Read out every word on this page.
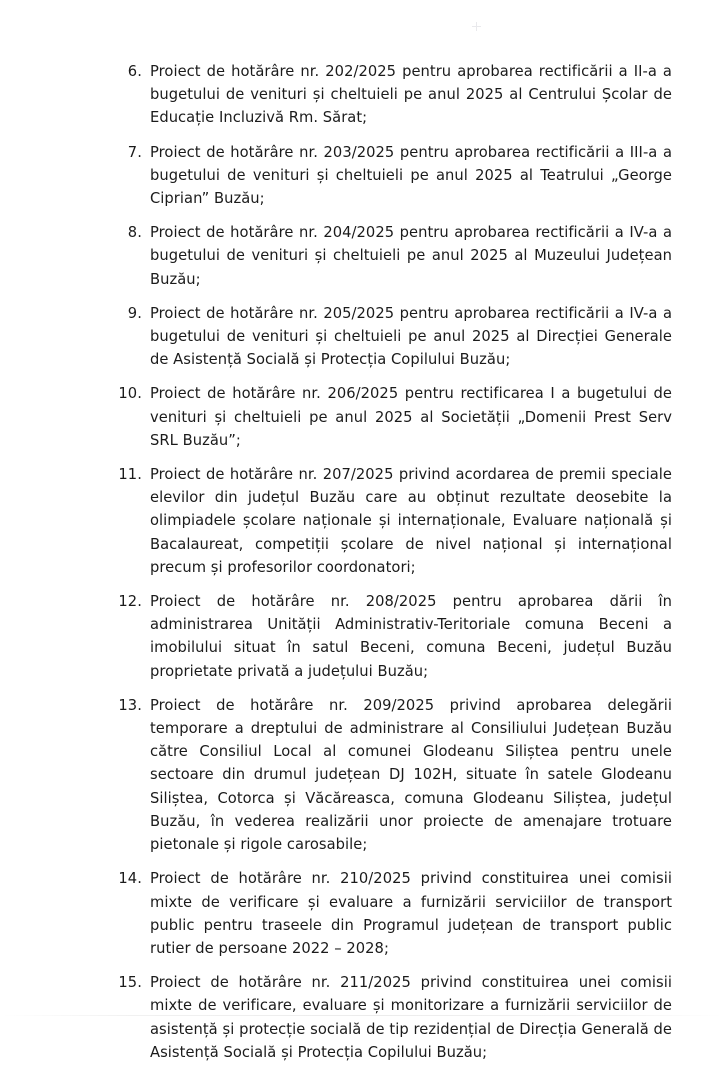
6. Proiect de hotărâre nr. 202/2025 pentru aprobarea rectificării a II-a a bugetului de venituri și cheltuieli pe anul 2025 al Centrului Școlar de Educație Incluzivă Rm. Sărat;
7. Proiect de hotărâre nr. 203/2025 pentru aprobarea rectificării a III-a a bugetului de venituri și cheltuieli pe anul 2025 al Teatrului „George Ciprian” Buzău;
8. Proiect de hotărâre nr. 204/2025 pentru aprobarea rectificării a IV-a a bugetului de venituri și cheltuieli pe anul 2025 al Muzeului Județean Buzău;
9. Proiect de hotărâre nr. 205/2025 pentru aprobarea rectificării a IV-a a bugetului de venituri și cheltuieli pe anul 2025 al Direcției Generale de Asistență Socială și Protecția Copilului Buzău;
10. Proiect de hotărâre nr. 206/2025 pentru rectificarea I a bugetului de venituri și cheltuieli pe anul 2025 al Societății „Domenii Prest Serv SRL Buzău”;
11. Proiect de hotărâre nr. 207/2025 privind acordarea de premii speciale elevilor din județul Buzău care au obținut rezultate deosebite la olimpiadele școlare naționale și internaționale, Evaluare națională și Bacalaureat, competiții școlare de nivel național și internațional precum și profesorilor coordonatori;
12. Proiect de hotărâre nr. 208/2025 pentru aprobarea dării în administrarea Unității Administrativ-Teritoriale comuna Beceni a imobilului situat în satul Beceni, comuna Beceni, județul Buzău proprietate privată a județului Buzău;
13. Proiect de hotărâre nr. 209/2025 privind aprobarea delegării temporare a dreptului de administrare al Consiliului Județean Buzău către Consiliul Local al comunei Glodeanu Siliștea pentru unele sectoare din drumul județean DJ 102H, situate în satele Glodeanu Siliștea, Cotorca și Văcăreasca, comuna Glodeanu Siliștea, județul Buzău, în vederea realizării unor proiecte de amenajare trotuare pietonale și rigole carosabile;
14. Proiect de hotărâre nr. 210/2025 privind constituirea unei comisii mixte de verificare și evaluare a furnizării serviciilor de transport public pentru traseele din Programul județean de transport public rutier de persoane 2022 – 2028;
15. Proiect de hotărâre nr. 211/2025 privind constituirea unei comisii mixte de verificare, evaluare și monitorizare a furnizării serviciilor de asistență și protecție socială de tip rezidențial de Direcția Generală de Asistență Socială și Protecția Copilului Buzău;
